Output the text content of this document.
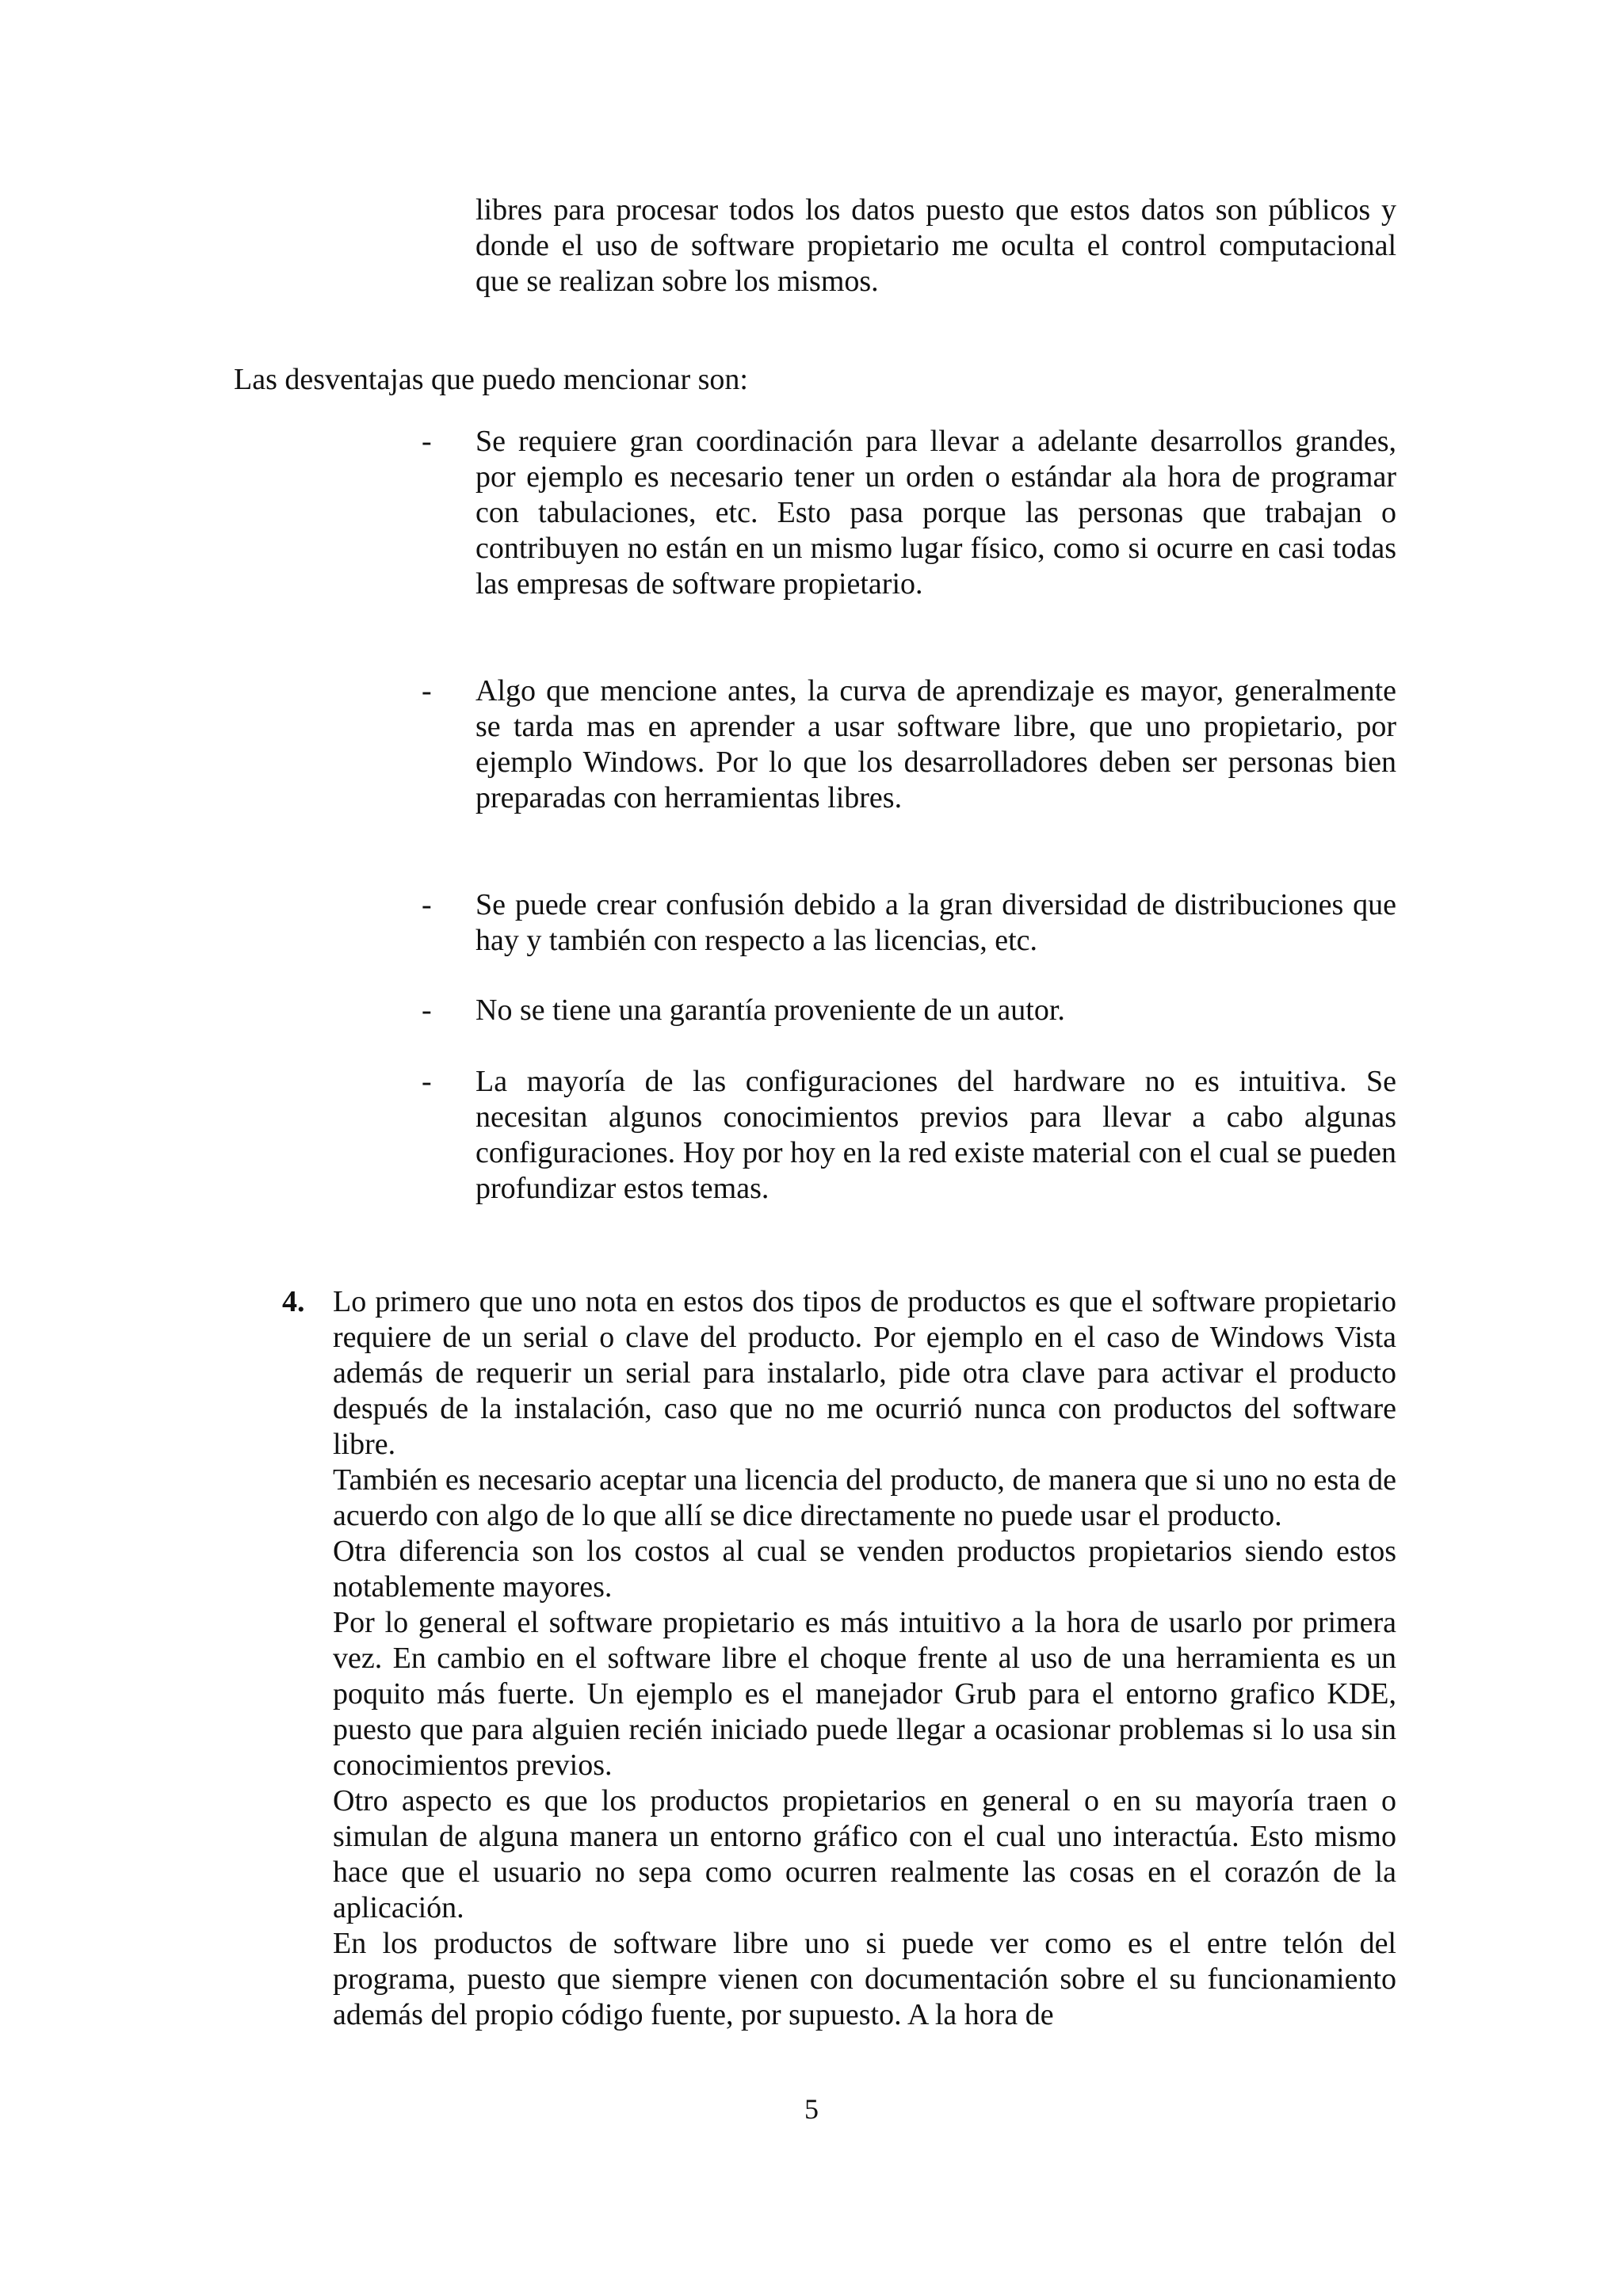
libres para procesar todos los datos puesto que estos datos son públicos y donde el uso de software propietario me oculta el control computacional que se realizan sobre los mismos.
Las desventajas que puedo mencionar son:
-	Se requiere gran coordinación para llevar a adelante desarrollos grandes, por ejemplo es necesario tener un orden o estándar ala hora de programar con tabulaciones, etc. Esto pasa porque las personas que trabajan o contribuyen no están en un mismo lugar físico, como si ocurre en casi todas las empresas de software propietario.
-	Algo que mencione antes, la curva de aprendizaje es mayor, generalmente se tarda mas en aprender a usar software libre, que uno propietario, por ejemplo Windows. Por lo que los desarrolladores deben ser personas bien preparadas con herramientas libres.
-	Se puede crear confusión debido a la gran diversidad de distribuciones que hay y también con respecto a las licencias, etc.
-	No se tiene una garantía proveniente de un autor.
-	La mayoría de las configuraciones del hardware no es intuitiva. Se necesitan algunos conocimientos previos para llevar a cabo algunas configuraciones. Hoy por hoy en la red existe material con el cual se pueden profundizar estos temas.
4. Lo primero que uno nota en estos dos tipos de productos es que el software propietario requiere de un serial o clave del producto. Por ejemplo en el caso de Windows Vista además de requerir un serial para instalarlo, pide otra clave para activar el producto después de la instalación, caso que no me ocurrió nunca con productos del software libre.

También es necesario aceptar una licencia del producto, de manera que si uno no esta de acuerdo con algo de lo que allí se dice directamente no puede usar el producto.

Otra diferencia son los costos al cual se venden productos propietarios siendo estos notablemente mayores.

Por lo general el software propietario es más intuitivo a la hora de usarlo por primera vez. En cambio en el software libre el choque frente al uso de una herramienta es un poquito más fuerte. Un ejemplo es el manejador Grub para el entorno grafico KDE, puesto que para alguien recién iniciado puede llegar a ocasionar problemas si lo usa sin conocimientos previos.

Otro aspecto es que los productos propietarios en general o en su mayoría traen o simulan de alguna manera un entorno gráfico con el cual uno interactúa. Esto mismo hace que el usuario no sepa como ocurren realmente las cosas en el corazón de la aplicación.

En los productos de software libre uno si puede ver como es el entre telón del programa, puesto que siempre vienen con documentación sobre el su funcionamiento además del propio código fuente, por supuesto. A la hora de

5
